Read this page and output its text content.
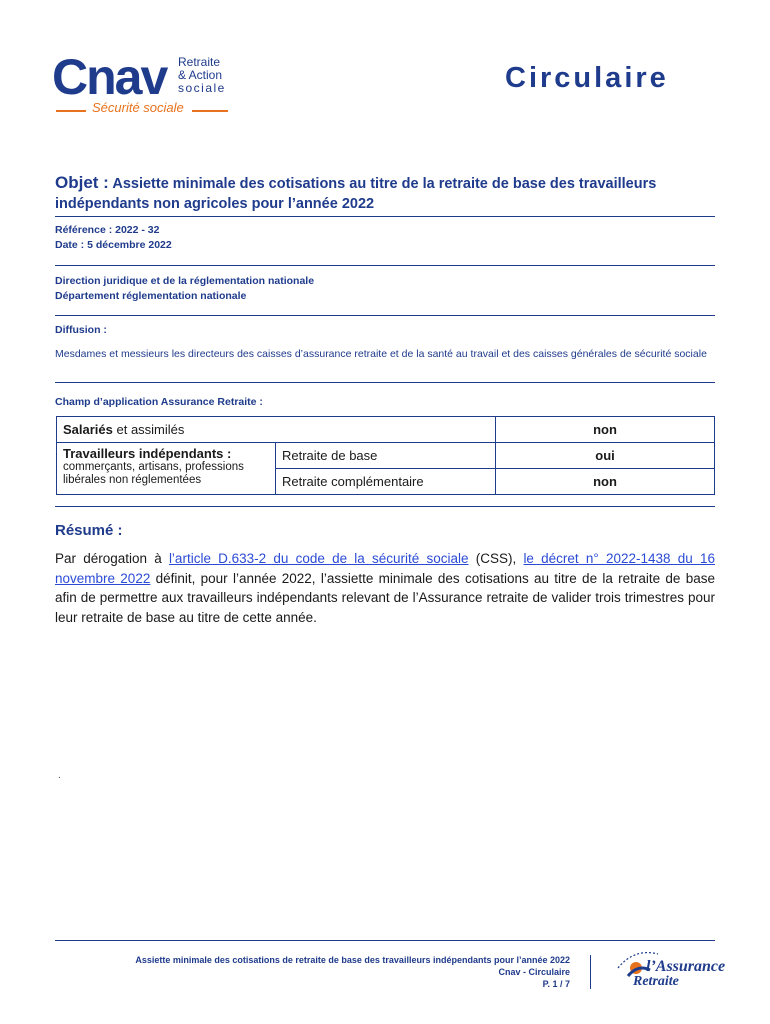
Cnav Retraite
& Action
sociale
Sécurité sociale
Circulaire
Objet : Assiette minimale des cotisations au titre de la retraite de base des travailleurs indépendants non agricoles pour l’année 2022
Référence : 2022 - 32
Date : 5 décembre 2022
Direction juridique et de la réglementation nationale
Département réglementation nationale
Diffusion :
Mesdames et messieurs les directeurs des caisses d’assurance retraite et de la santé au travail et des caisses générales de sécurité sociale
Champ d’application Assurance Retraite :
Salariés et assimilés		non

Travailleurs indépendants :
commerçants, artisans, professions libérales non réglementées	Retraite de base	oui
	Retraite complémentaire	non
Résumé :
Par dérogation à l’article D.633-2 du code de la sécurité sociale (CSS), le décret n° 2022-1438 du 16 novembre 2022 définit, pour l’année 2022, l’assiette minimale des cotisations au titre de la retraite de base afin de permettre aux travailleurs indépendants relevant de l’Assurance retraite de valider trois trimestres pour leur retraite de base au titre de cette année.
.
Assiette minimale des cotisations de retraite de base des travailleurs indépendants pour l’année 2022
Cnav - Circulaire
P. 1 / 7
l’Assurance
Retraite
